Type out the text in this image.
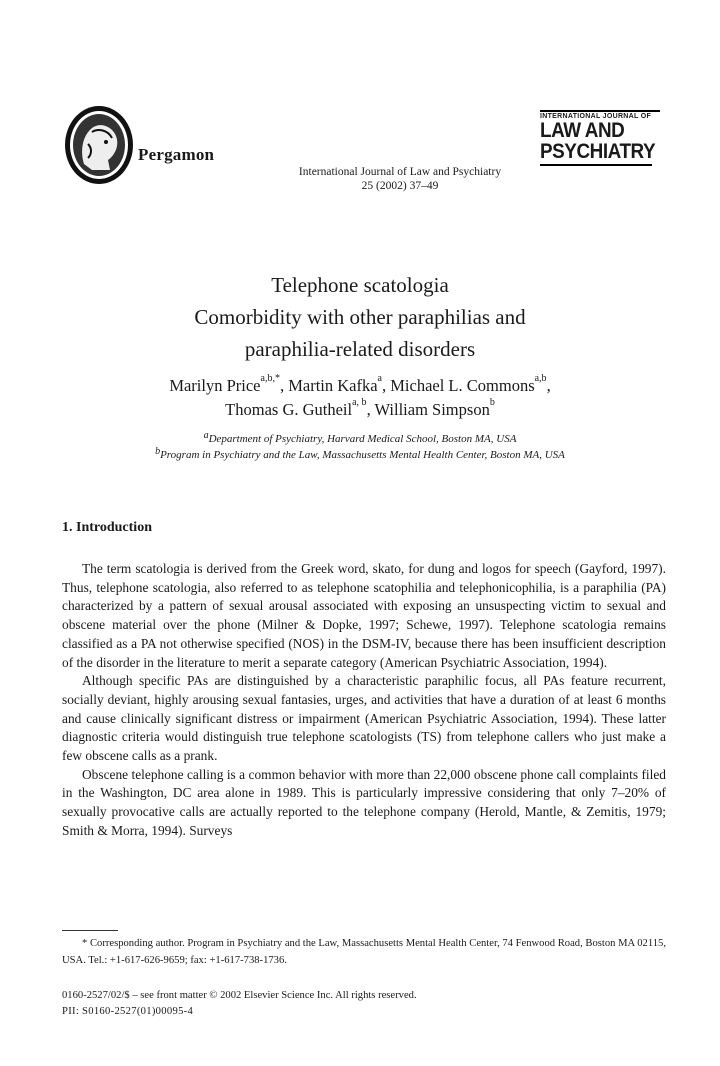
Pergamon
International Journal of Law and Psychiatry
25 (2002) 37–49
INTERNATIONAL JOURNAL OF
LAW AND
PSYCHIATRY
Telephone scatologia
Comorbidity with other paraphilias and
paraphilia-related disorders
Marilyn Price$^{a,b,*}$, Martin Kafka$^a$, Michael L. Commons$^{a,b}$,
Thomas G. Gutheil$^{a, b}$, William Simpson$^b$
$^a$Department of Psychiatry, Harvard Medical School, Boston MA, USA
$^b$Program in Psychiatry and the Law, Massachusetts Mental Health Center, Boston MA, USA
1. Introduction

The term scatologia is derived from the Greek word, skato, for dung and logos for speech (Gayford, 1997). Thus, telephone scatologia, also referred to as telephone scatophilia and telephonicophilia, is a paraphilia (PA) characterized by a pattern of sexual arousal associated with exposing an unsuspecting victim to sexual and obscene material over the phone (Milner & Dopke, 1997; Schewe, 1997). Telephone scatologia remains classified as a PA not otherwise specified (NOS) in the DSM-IV, because there has been insufficient description of the disorder in the literature to merit a separate category (American Psychiatric Association, 1994).

Although specific PAs are distinguished by a characteristic paraphilic focus, all PAs feature recurrent, socially deviant, highly arousing sexual fantasies, urges, and activities that have a duration of at least 6 months and cause clinically significant distress or impairment (American Psychiatric Association, 1994). These latter diagnostic criteria would distinguish true telephone scatologists (TS) from telephone callers who just make a few obscene calls as a prank.

Obscene telephone calling is a common behavior with more than 22,000 obscene phone call complaints filed in the Washington, DC area alone in 1989. This is particularly impressive considering that only 7–20% of sexually provocative calls are actually reported to the telephone company (Herold, Mantle, & Zemitis, 1979; Smith & Morra, 1994). Surveys

* Corresponding author. Program in Psychiatry and the Law, Massachusetts Mental Health Center, 74 Fenwood Road, Boston MA 02115, USA. Tel.: +1-617-626-9659; fax: +1-617-738-1736.
0160-2527/02/$ – see front matter © 2002 Elsevier Science Inc. All rights reserved.
PII: S0160-2527(01)00095-4
